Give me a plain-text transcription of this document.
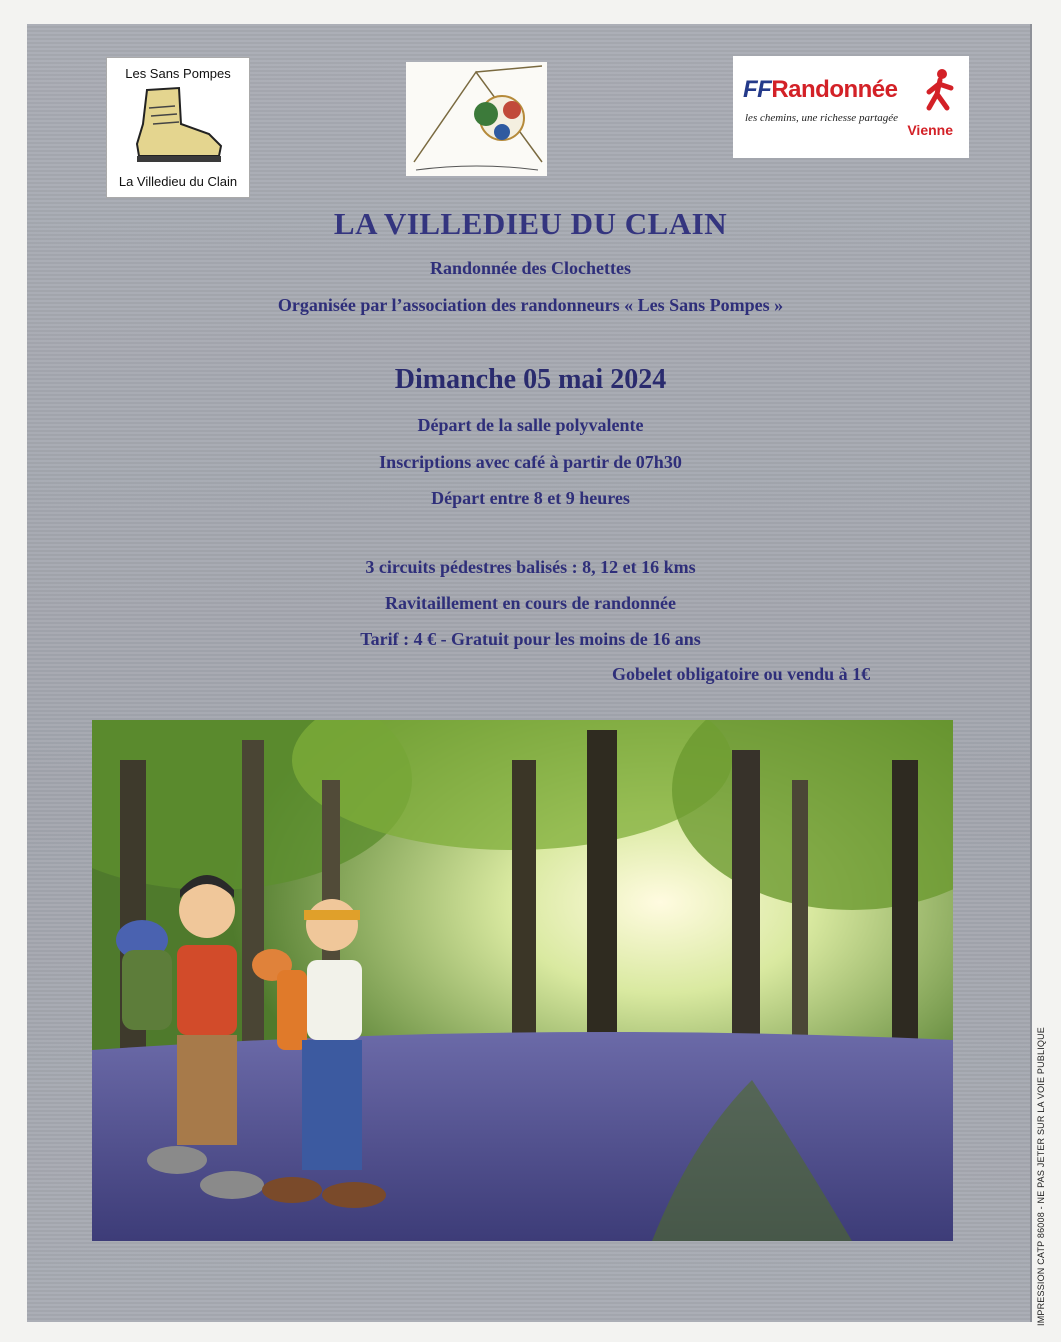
Les Sans Pompes
La Villedieu du Clain
FFRandonnée
les chemins, une richesse partagée
Vienne
LA VILLEDIEU DU CLAIN
Randonnée des Clochettes
Organisée par l’association des randonneurs « Les Sans Pompes »
Dimanche 05 mai 2024
Départ de la salle polyvalente
Inscriptions avec café à partir de 07h30
Départ entre 8 et 9 heures
3 circuits pédestres balisés : 8, 12 et 16 kms
Ravitaillement en cours de randonnée
Tarif : 4 € - Gratuit pour les moins de 16 ans
Gobelet obligatoire ou vendu à 1€
IMPRESSION CATP 86008 - NE PAS JETER SUR LA VOIE PUBLIQUE
